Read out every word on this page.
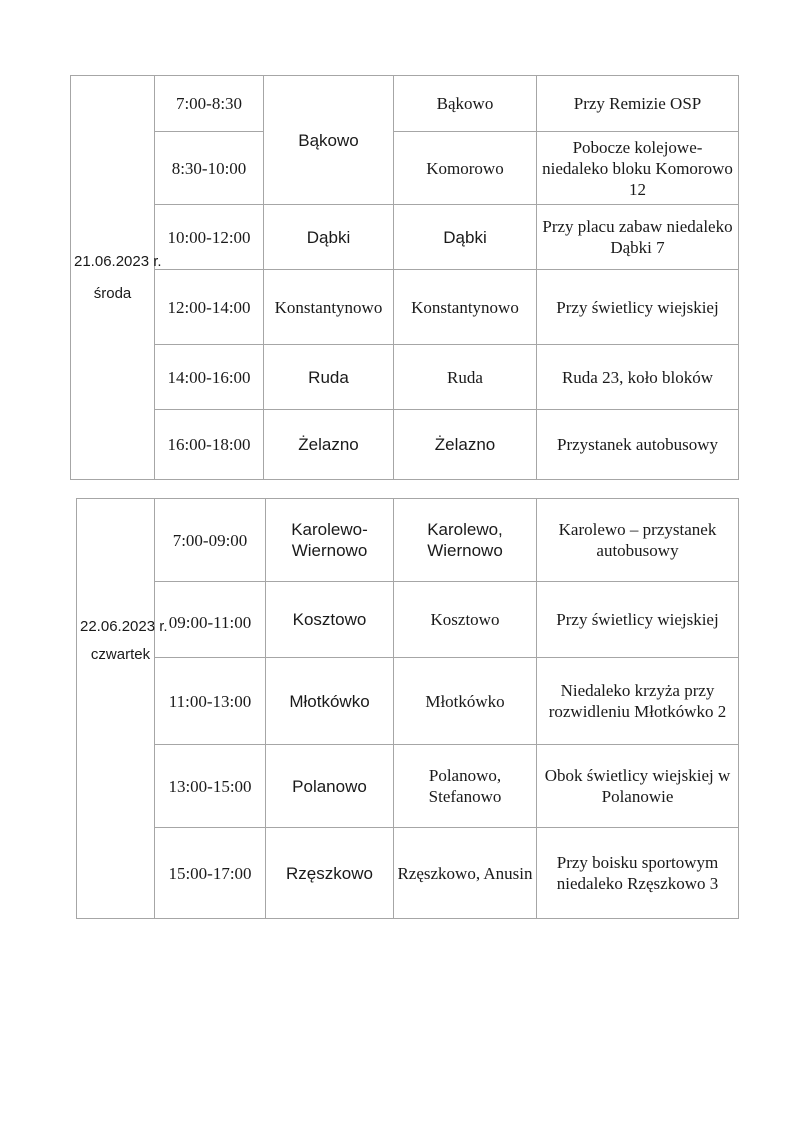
21.06.2023 r.
środa	7:00-8:30	Bąkowo	Bąkowo	Przy Remizie OSP
	8:30-10:00		Komorowo	Pobocze kolejowe- niedaleko bloku Komorowo 12
	10:00-12:00	Dąbki	Dąbki	Przy placu zabaw niedaleko Dąbki 7
	12:00-14:00	Konstantynowo	Konstantynowo	Przy świetlicy wiejskiej
	14:00-16:00	Ruda	Ruda	Ruda 23, koło bloków
	16:00-18:00	Żelazno	Żelazno	Przystanek autobusowy
22.06.2023 r.
czwartek	7:00-09:00	Karolewo-Wiernowo	Karolewo, Wiernowo	Karolewo – przystanek autobusowy
	09:00-11:00	Kosztowo	Kosztowo	Przy świetlicy wiejskiej
	11:00-13:00	Młotkówko	Młotkówko	Niedaleko krzyża przy rozwidleniu Młotkówko 2
	13:00-15:00	Polanowo	Polanowo, Stefanowo	Obok świetlicy wiejskiej w Polanowie
	15:00-17:00	Rzęszkowo	Rzęszkowo, Anusin	Przy boisku sportowym niedaleko Rzęszkowo 3
